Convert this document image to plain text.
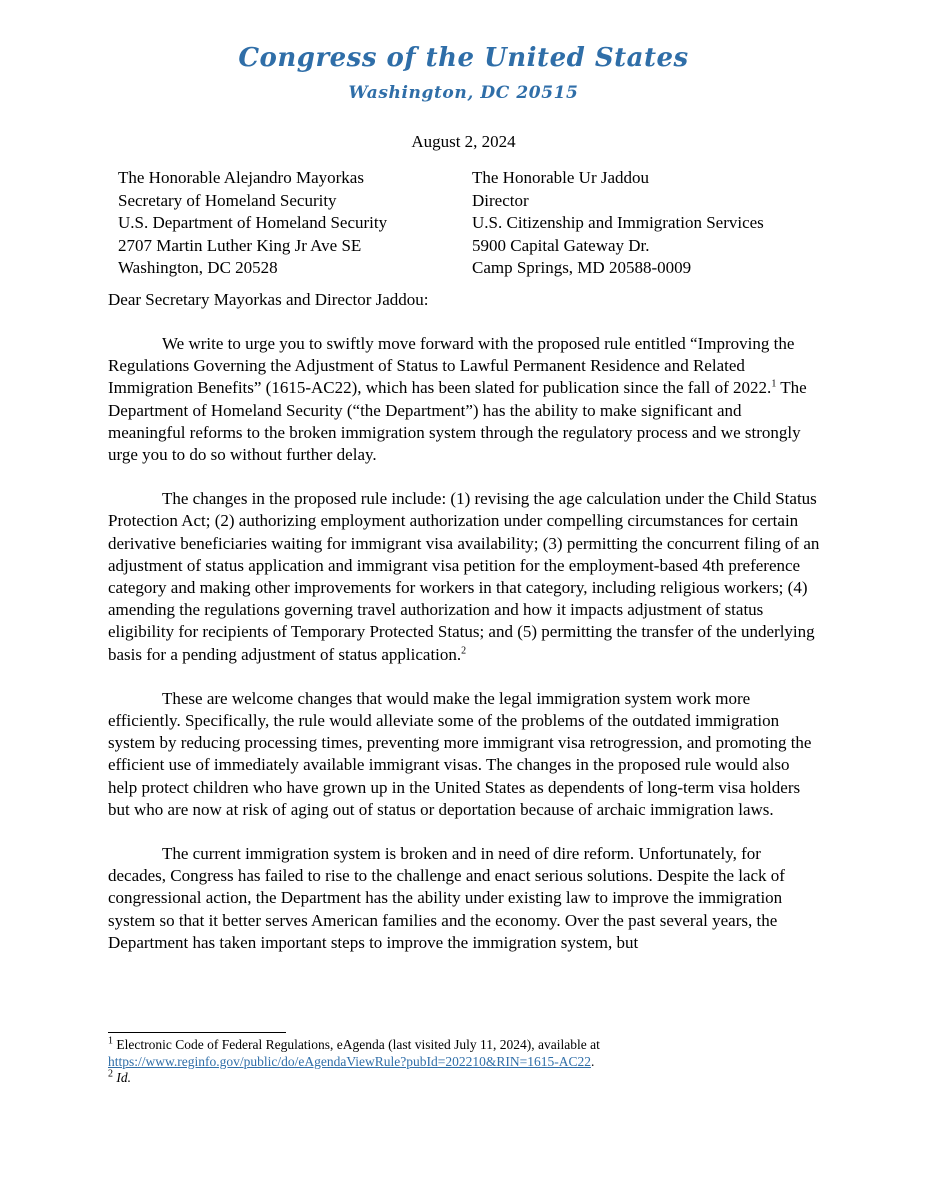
Congress of the United States
Washington, DC 20515
August 2, 2024
The Honorable Alejandro Mayorkas
Secretary of Homeland Security
U.S. Department of Homeland Security
2707 Martin Luther King Jr Ave SE
Washington, DC 20528
The Honorable Ur Jaddou
Director
U.S. Citizenship and Immigration Services
5900 Capital Gateway Dr.
Camp Springs, MD 20588-0009
Dear Secretary Mayorkas and Director Jaddou:

We write to urge you to swiftly move forward with the proposed rule entitled “Improving the Regulations Governing the Adjustment of Status to Lawful Permanent Residence and Related Immigration Benefits” (1615-AC22), which has been slated for publication since the fall of 2022.$^1$ The Department of Homeland Security (“the Department”) has the ability to make significant and meaningful reforms to the broken immigration system through the regulatory process and we strongly urge you to do so without further delay.

The changes in the proposed rule include: (1) revising the age calculation under the Child Status Protection Act; (2) authorizing employment authorization under compelling circumstances for certain derivative beneficiaries waiting for immigrant visa availability; (3) permitting the concurrent filing of an adjustment of status application and immigrant visa petition for the employment-based 4th preference category and making other improvements for workers in that category, including religious workers; (4) amending the regulations governing travel authorization and how it impacts adjustment of status eligibility for recipients of Temporary Protected Status; and (5) permitting the transfer of the underlying basis for a pending adjustment of status application.$^2$

These are welcome changes that would make the legal immigration system work more efficiently. Specifically, the rule would alleviate some of the problems of the outdated immigration system by reducing processing times, preventing more immigrant visa retrogression, and promoting the efficient use of immediately available immigrant visas. The changes in the proposed rule would also help protect children who have grown up in the United States as dependents of long-term visa holders but who are now at risk of aging out of status or deportation because of archaic immigration laws.

The current immigration system is broken and in need of dire reform. Unfortunately, for decades, Congress has failed to rise to the challenge and enact serious solutions. Despite the lack of congressional action, the Department has the ability under existing law to improve the immigration system so that it better serves American families and the economy. Over the past several years, the Department has taken important steps to improve the immigration system, but

$^1$ Electronic Code of Federal Regulations, eAgenda (last visited July 11, 2024), available at
https://www.reginfo.gov/public/do/eAgendaViewRule?pubId=202210&RIN=1615-AC22.
$^2$ Id.
